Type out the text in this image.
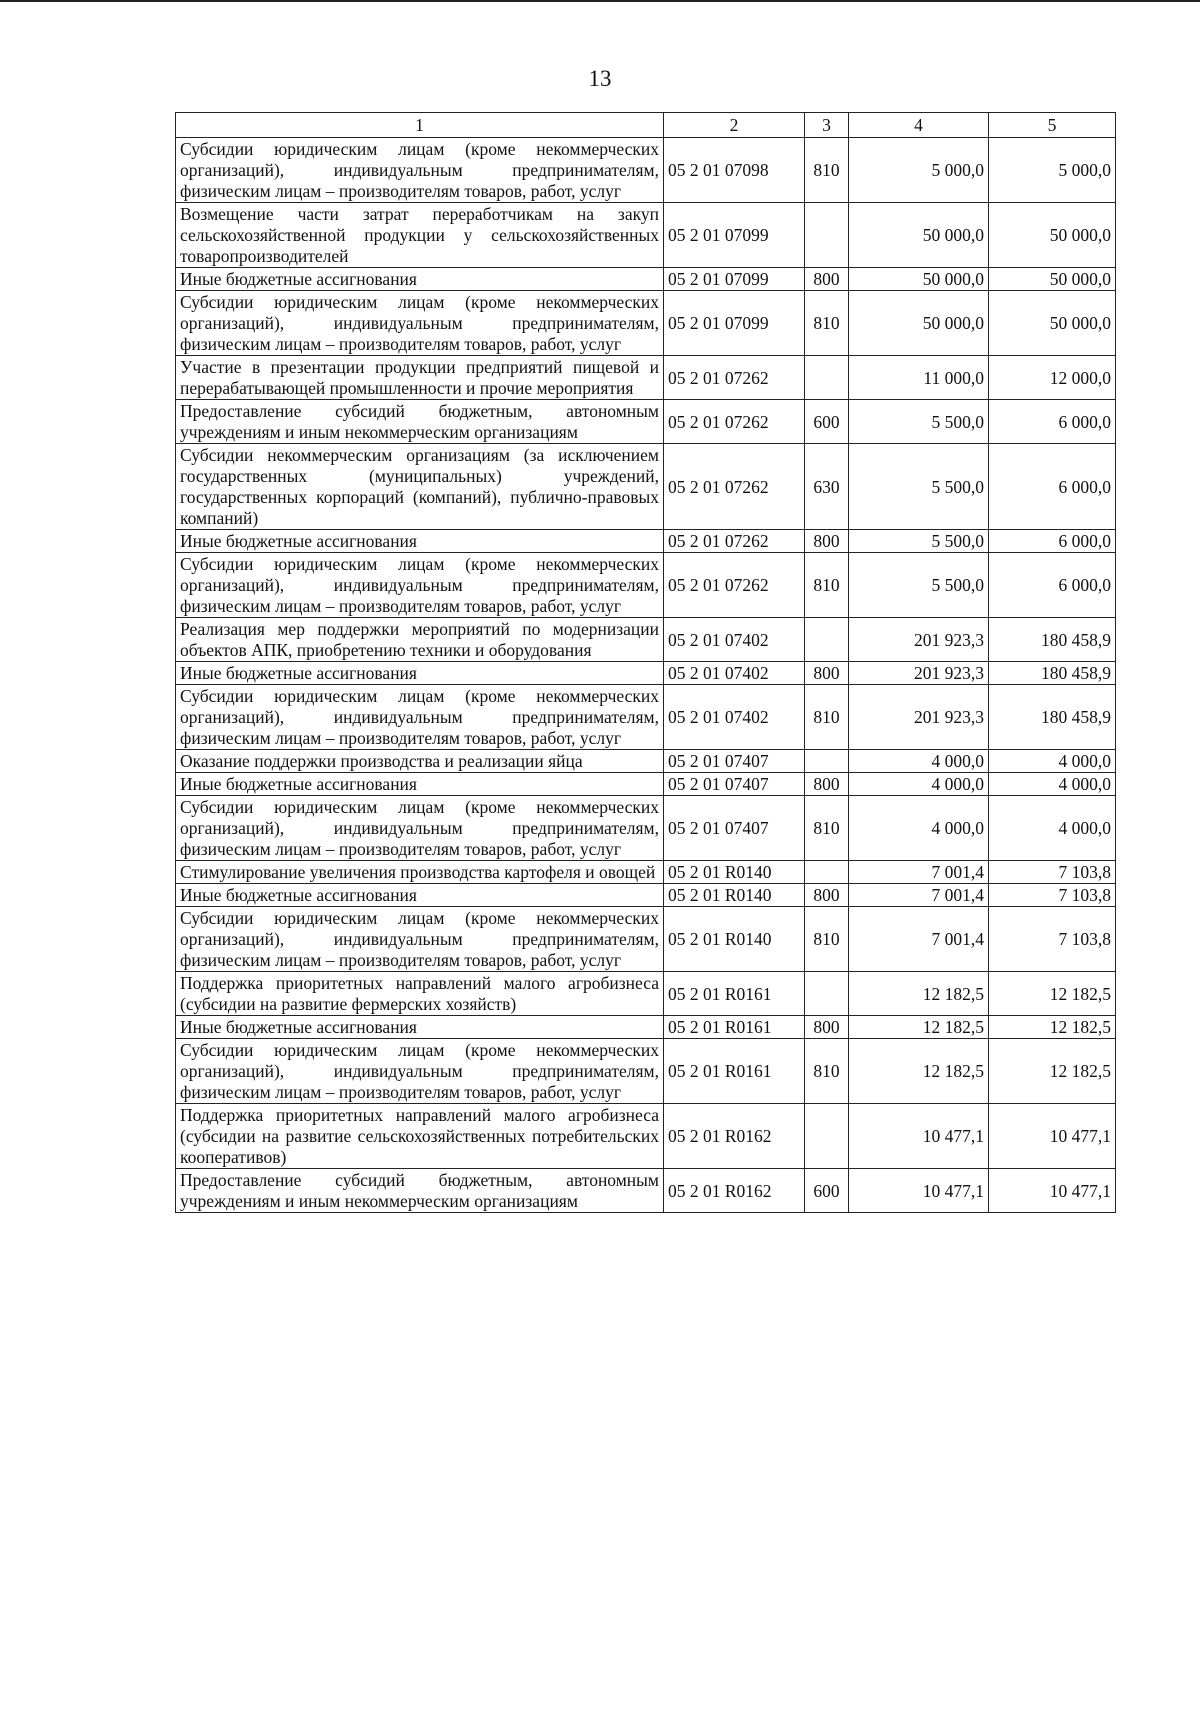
13
1	2	3	4	5
Субсидии юридическим лицам (кроме некоммерческих организаций), индивидуальным предпринимателям, физическим лицам – производителям товаров, работ, услуг	05 2 01 07098	810	5 000,0	5 000,0
Возмещение части затрат переработчикам на закуп сельскохозяйственной продукции у сельскохозяйственных товаропроизводителей	05 2 01 07099		50 000,0	50 000,0
Иные бюджетные ассигнования	05 2 01 07099	800	50 000,0	50 000,0
Субсидии юридическим лицам (кроме некоммерческих организаций), индивидуальным предпринимателям, физическим лицам – производителям товаров, работ, услуг	05 2 01 07099	810	50 000,0	50 000,0
Участие в презентации продукции предприятий пищевой и перерабатывающей промышленности и прочие мероприятия	05 2 01 07262		11 000,0	12 000,0
Предоставление субсидий бюджетным, автономным учреждениям и иным некоммерческим организациям	05 2 01 07262	600	5 500,0	6 000,0
Субсидии некоммерческим организациям (за исключением государственных (муниципальных) учреждений, государственных корпораций (компаний), публично-правовых компаний)	05 2 01 07262	630	5 500,0	6 000,0
Иные бюджетные ассигнования	05 2 01 07262	800	5 500,0	6 000,0
Субсидии юридическим лицам (кроме некоммерческих организаций), индивидуальным предпринимателям, физическим лицам – производителям товаров, работ, услуг	05 2 01 07262	810	5 500,0	6 000,0
Реализация мер поддержки мероприятий по модернизации объектов АПК, приобретению техники и оборудования	05 2 01 07402		201 923,3	180 458,9
Иные бюджетные ассигнования	05 2 01 07402	800	201 923,3	180 458,9
Субсидии юридическим лицам (кроме некоммерческих организаций), индивидуальным предпринимателям, физическим лицам – производителям товаров, работ, услуг	05 2 01 07402	810	201 923,3	180 458,9
Оказание поддержки производства и реализации яйца	05 2 01 07407		4 000,0	4 000,0
Иные бюджетные ассигнования	05 2 01 07407	800	4 000,0	4 000,0
Субсидии юридическим лицам (кроме некоммерческих организаций), индивидуальным предпринимателям, физическим лицам – производителям товаров, работ, услуг	05 2 01 07407	810	4 000,0	4 000,0
Стимулирование увеличения производства картофеля и овощей	05 2 01 R0140		7 001,4	7 103,8
Иные бюджетные ассигнования	05 2 01 R0140	800	7 001,4	7 103,8
Субсидии юридическим лицам (кроме некоммерческих организаций), индивидуальным предпринимателям, физическим лицам – производителям товаров, работ, услуг	05 2 01 R0140	810	7 001,4	7 103,8
Поддержка приоритетных направлений малого агробизнеса (субсидии на развитие фермерских хозяйств)	05 2 01 R0161		12 182,5	12 182,5
Иные бюджетные ассигнования	05 2 01 R0161	800	12 182,5	12 182,5
Субсидии юридическим лицам (кроме некоммерческих организаций), индивидуальным предпринимателям, физическим лицам – производителям товаров, работ, услуг	05 2 01 R0161	810	12 182,5	12 182,5
Поддержка приоритетных направлений малого агробизнеса (субсидии на развитие сельскохозяйственных потребительских кооперативов)	05 2 01 R0162		10 477,1	10 477,1
Предоставление субсидий бюджетным, автономным учреждениям и иным некоммерческим организациям	05 2 01 R0162	600	10 477,1	10 477,1
